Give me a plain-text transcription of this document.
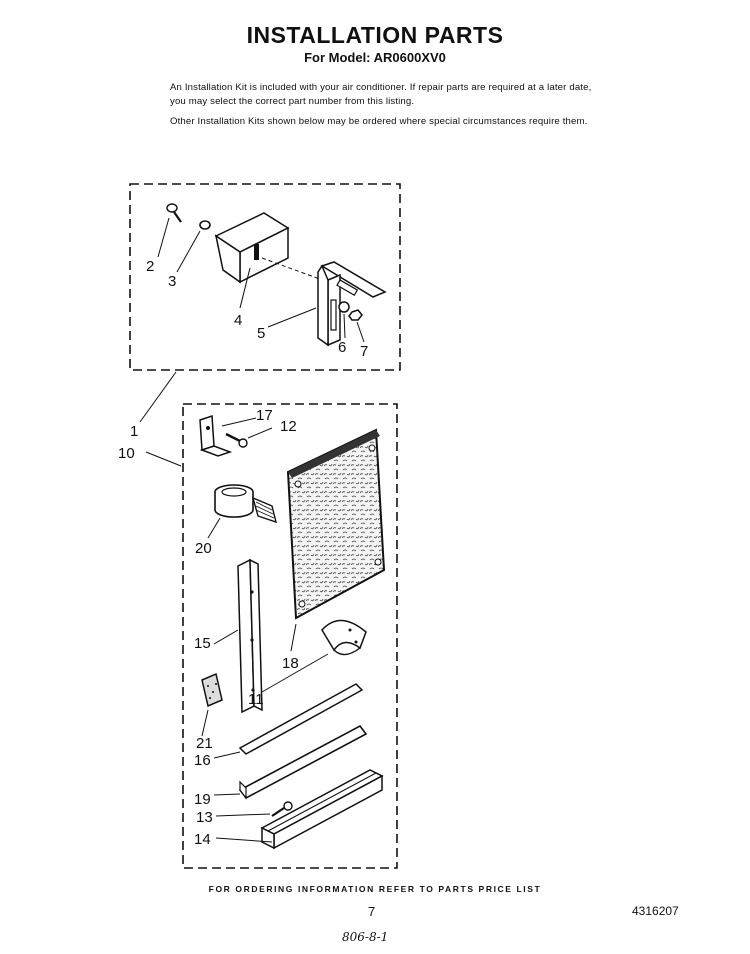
INSTALLATION PARTS
For Model: AR0600XV0
An Installation Kit is included with your air conditioner. If repair parts are required at a later date, you may select the correct part number from this listing.
Other Installation Kits shown below may be ordered where special circumstances require them.
2
3
4
5
6 7
1
10
17
12
20
18
15
11
21
16
19
13
14
FOR ORDERING INFORMATION REFER TO PARTS PRICE LIST
7	4316207
806-8-1
